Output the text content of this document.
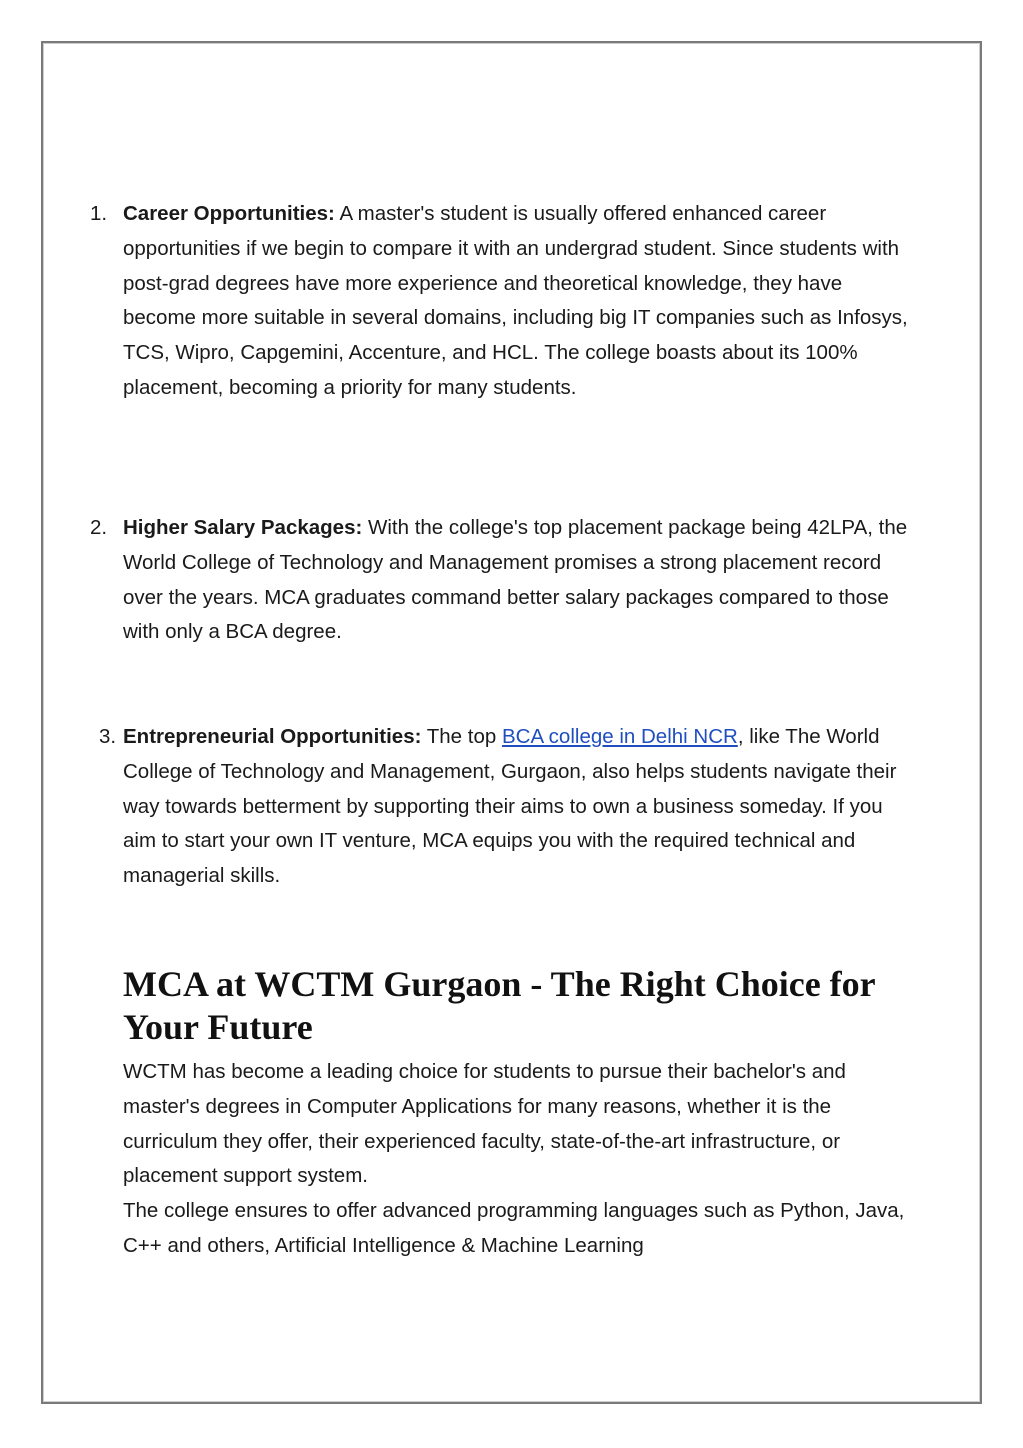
1. Career Opportunities: A master's student is usually offered enhanced career opportunities if we begin to compare it with an undergrad student. Since students with post-grad degrees have more experience and theoretical knowledge, they have become more suitable in several domains, including big IT companies such as Infosys, TCS, Wipro, Capgemini, Accenture, and HCL. The college boasts about its 100% placement, becoming a priority for many students.
2. Higher Salary Packages: With the college's top placement package being 42LPA, the World College of Technology and Management promises a strong placement record over the years. MCA graduates command better salary packages compared to those with only a BCA degree.
3. Entrepreneurial Opportunities: The top BCA college in Delhi NCR, like The World College of Technology and Management, Gurgaon, also helps students navigate their way towards betterment by supporting their aims to own a business someday. If you aim to start your own IT venture, MCA equips you with the required technical and managerial skills.
MCA at WCTM Gurgaon - The Right Choice for Your Future

WCTM has become a leading choice for students to pursue their bachelor's and master's degrees in Computer Applications for many reasons, whether it is the curriculum they offer, their experienced faculty, state-of-the-art infrastructure, or placement support system.

The college ensures to offer advanced programming languages such as Python, Java, C++ and others, Artificial Intelligence & Machine Learning
